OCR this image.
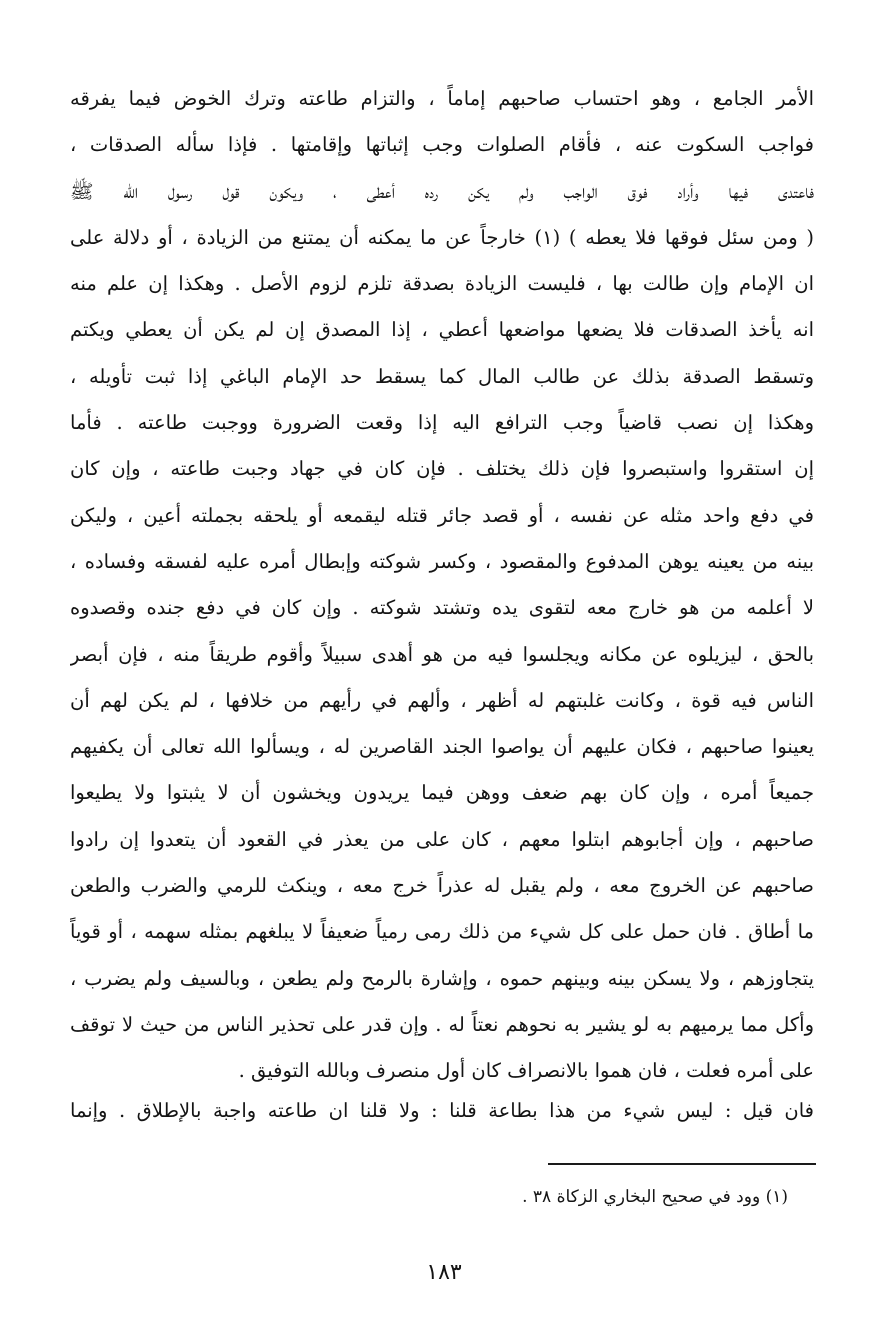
الأمر الجامع ، وهو احتساب صاحبهم إماماً ، والتزام طاعته وترك الخوض فيما يفرقه
فواجب السكوت عنه ، فأقام الصلوات وجب إثباتها وإقامتها . فإذا سأله الصدقات ،
فاعتدى فيها وأراد فوق الواجب ولم يكن رده أعطى ، ويكون قول رسول الله ﷺ
( ومن سئل فوقها فلا يعطه ) (١) خارجاً عن ما يمكنه أن يمتنع من الزيادة ، أو دلالة على
ان الإمام وإن طالت بها ، فليست الزيادة بصدقة تلزم لزوم الأصل . وهكذا إن علم منه
انه يأخذ الصدقات فلا يضعها مواضعها أعطي ، إذا المصدق إن لم يكن أن يعطي ويكتم
وتسقط الصدقة بذلك عن طالب المال كما يسقط حد الإمام الباغي إذا ثبت تأويله ،
وهكذا إن نصب قاضياً وجب الترافع اليه إذا وقعت الضرورة ووجبت طاعته . فأما
إن استقروا واستبصروا فإن ذلك يختلف . فإن كان في جهاد وجبت طاعته ، وإن كان
في دفع واحد مثله عن نفسه ، أو قصد جائر قتله ليقمعه أو يلحقه بجملته أعين ، وليكن
بينه من يعينه يوهن المدفوع والمقصود ، وكسر شوكته وإبطال أمره عليه لفسقه وفساده ،
لا أعلمه من هو خارج معه لتقوى يده وتشتد شوكته . وإن كان في دفع جنده وقصدوه
بالحق ، ليزيلوه عن مكانه ويجلسوا فيه من هو أهدى سبيلاً وأقوم طريقاً منه ، فإن أبصر
الناس فيه قوة ، وكانت غلبتهم له أظهر ، وألهم في رأيهم من خلافها ، لم يكن لهم أن
يعينوا صاحبهم ، فكان عليهم أن يواصوا الجند القاصرين له ، ويسألوا الله تعالى أن يكفيهم
جميعاً أمره ، وإن كان بهم ضعف ووهن فيما يريدون ويخشون أن لا يثبتوا ولا يطيعوا
صاحبهم ، وإن أجابوهم ابتلوا معهم ، كان على من يعذر في القعود أن يتعدوا إن رادوا
صاحبهم عن الخروج معه ، ولم يقبل له عذراً خرج معه ، وينكث للرمي والضرب والطعن
ما أطاق . فان حمل على كل شيء من ذلك رمى رمياً ضعيفاً لا يبلغهم بمثله سهمه ، أو قوياً
يتجاوزهم ، ولا يسكن بينه وبينهم حموه ، وإشارة بالرمح ولم يطعن ، وبالسيف ولم يضرب ،
وأكل مما يرميهم به لو يشير به نحوهم نعتاً له . وإن قدر على تحذير الناس من حيث لا توقف
على أمره فعلت ، فان هموا بالانصراف كان أول منصرف وبالله التوفيق .
فان قيل : ليس شيء من هذا بطاعة قلنا : ولا قلنا ان طاعته واجبة بالإطلاق . وإنما
(١) وود في صحيح البخاري الزكاة ٣٨ .
١٨٣
